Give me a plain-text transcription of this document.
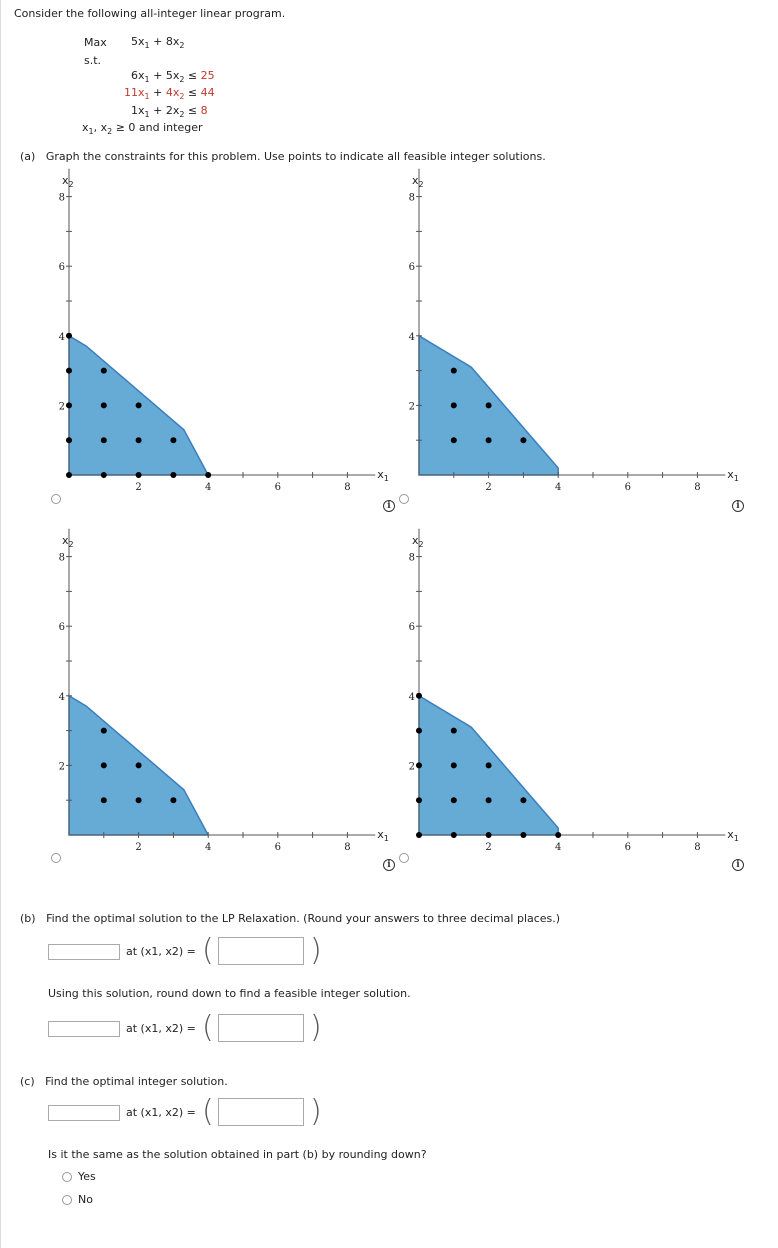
Consider the following all-integer linear program.
Max
s.t.
$5x_1 + 8x_2$
$6x_1 + 5x_2 \le 25$
$11x_1 + 4x_2 \le 44$
$1x_1 + 2x_2 \le 8$
$x_1$, $x_2 \ge 0$ and integer
(a) Graph the constraints for this problem. Use points to indicate all feasible integer solutions.
2	4	6	8
2
4
6
8
$x_2$
$x_1$
2	4	6	8
2
4
6
8
$x_2$
$x_1$
2	4	6	8
2
4
6
8
$x_2$
$x_1$
2	4	6	8
2
4
6
8
$x_2$
$x_1$
i	i
i	i
(b) Find the optimal solution to the LP Relaxation. (Round your answers to three decimal places.)
at (x1, x2) = (	)
Using this solution, round down to find a feasible integer solution.
at (x1, x2) = (	)
(c) Find the optimal integer solution.
at (x1, x2) = (	)
Is it the same as the solution obtained in part (b) by rounding down?
Yes
No
